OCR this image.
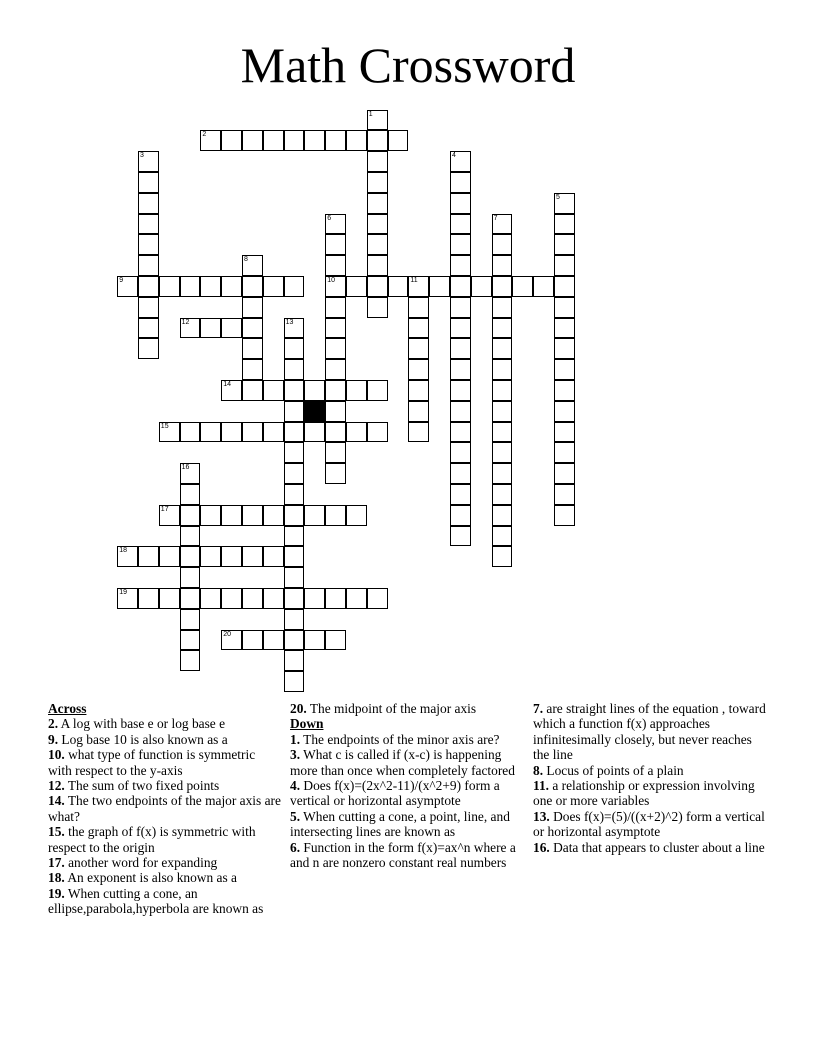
Math Crossword
1
2
3	4
5
6
10
7
8
9	11
12	13
14
15
16
17
18
19
20

Across

2. A log with base e or log base e

9. Log base 10 is also known as a

10. what type of function is symmetric with respect to the y-axis

12. The sum of two fixed points

14. The two endpoints of the major axis are what?

15. the graph of f(x) is symmetric with respect to the origin

17. another word for expanding

18. An exponent is also known as a

19. When cutting a cone, an ellipse,parabola,hyperbola are known as

20. The midpoint of the major axis

Down

1. The endpoints of the minor axis are?

3. What c is called if (x-c) is happening more than once when completely factored

4. Does f(x)=(2x^2-11)/(x^2+9) form a vertical or horizontal asymptote

5. When cutting a cone, a point, line, and intersecting lines are known as

6. Function in the form f(x)=ax^n where a and n are nonzero constant real numbers

7. are straight lines of the equation , toward which a function f(x) approaches infinitesimally closely, but never reaches the line

8. Locus of points of a plain

11. a relationship or expression involving one or more variables

13. Does f(x)=(5)/((x+2)^2) form a vertical or horizontal asymptote

16. Data that appears to cluster about a line
